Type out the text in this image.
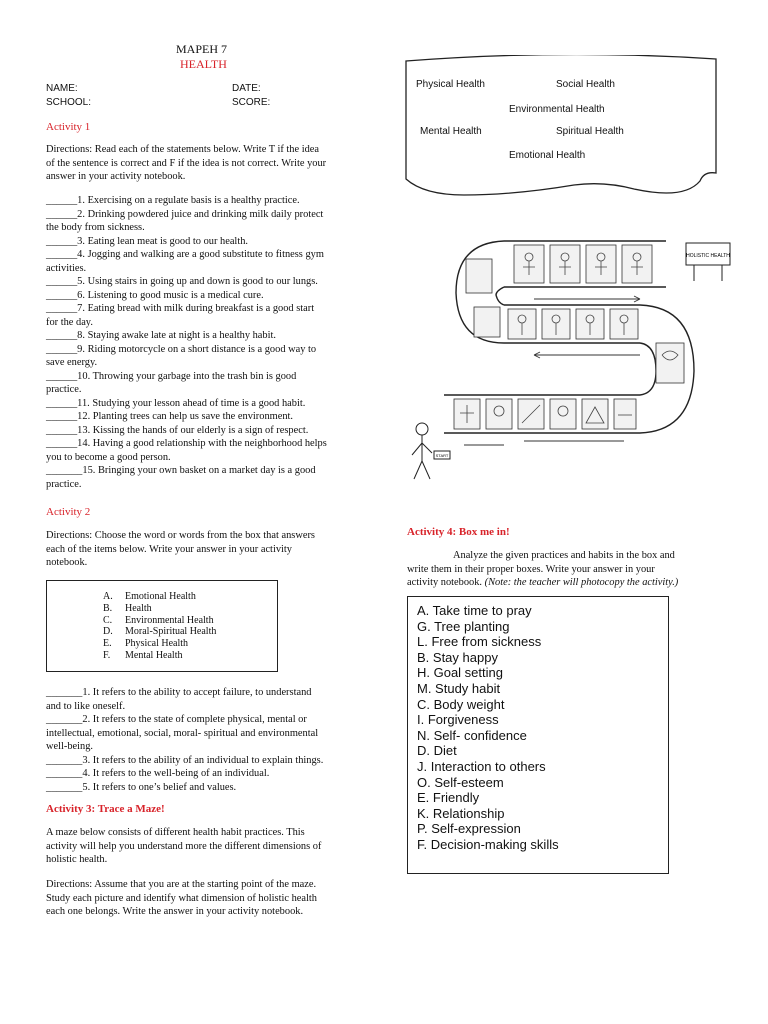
MAPEH 7
HEALTH
NAME:	DATE:
SCHOOL:	SCORE:
Activity 1
Directions: Read each of the statements below. Write T if the idea
of the sentence is correct and F if the idea is not correct. Write your
answer in your activity notebook.
______1. Exercising on a regulate basis is a healthy practice.
______2. Drinking powdered juice and drinking milk daily protect
the body from sickness.
______3. Eating lean meat is good to our health.
______4. Jogging and walking are a good substitute to fitness gym
activities.
______5. Using stairs in going up and down is good to our lungs.
______6. Listening to good music is a medical cure.
______7. Eating bread with milk during breakfast is a good start
for the day.
______8. Staying awake late at night is a healthy habit.
______9. Riding motorcycle on a short distance is a good way to
save energy.
______10. Throwing your garbage into the trash bin is good
practice.
______11. Studying your lesson ahead of time is a good habit.
______12. Planting trees can help us save the environment.
______13. Kissing the hands of our elderly is a sign of respect.
______14. Having a good relationship with the neighborhood helps
you to become a good person.
_______15. Bringing your own basket on a market day is a good
practice.
Activity 2
Directions: Choose the word or words from the box that answers
each of the items below. Write your answer in your activity
notebook.
A.	Emotional Health
B.	Health
C.	Environmental Health
D.	Moral-Spiritual Health
E.	Physical Health
F.	Mental Health
_______1. It refers to the ability to accept failure, to understand
and to like oneself.
_______2. It refers to the state of complete physical, mental or
intellectual, emotional, social, moral- spiritual and environmental
well-being.
_______3. It refers to the ability of an individual to explain things.
_______4. It refers to the well-being of an individual.
_______5. It refers to one’s belief and values.
Activity 3: Trace a Maze!
A maze below consists of different health habit practices. This
activity will help you understand more the different dimensions of
holistic health.
Directions: Assume that you are at the starting point of the maze.
Study each picture and identify what dimension of holistic health
each one belongs. Write the answer in your activity notebook.
Physical Health	Social Health
Environmental Health
Mental Health	Spiritual Health
Emotional Health
HOLISTIC HEALTH
START
Activity 4: Box me in!
Analyze the given practices and habits in the box and
write them in their proper boxes. Write your answer in your
activity notebook. (Note: the teacher will photocopy the activity.)
A. Take time to pray
G. Tree planting
L. Free from sickness
B. Stay happy
H. Goal setting
M. Study habit
C. Body weight
I. Forgiveness
N. Self- confidence
D. Diet
J. Interaction to others
O. Self-esteem
E. Friendly
K. Relationship
P. Self-expression
F. Decision-making skills
